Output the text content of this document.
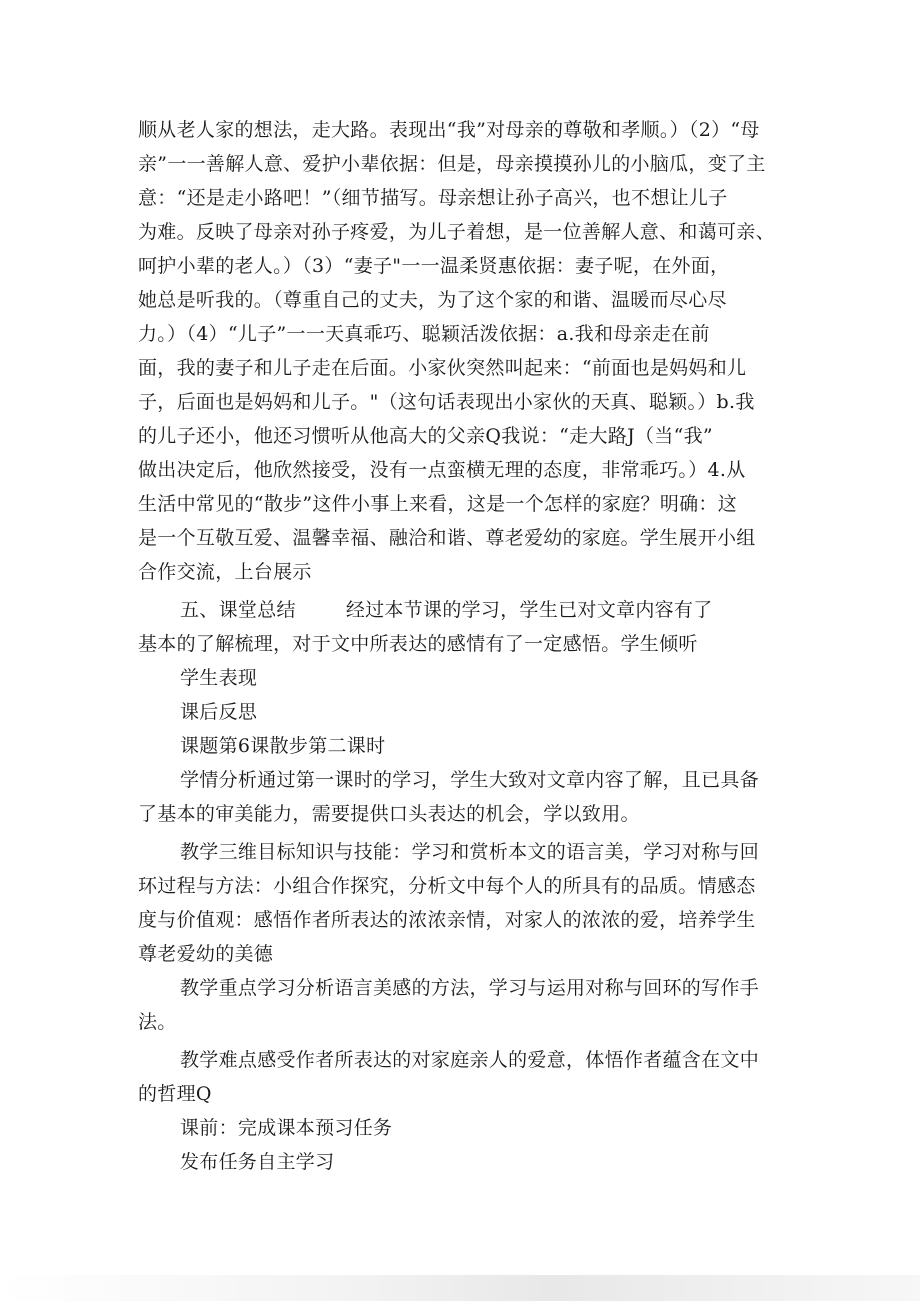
顺从老人家的想法，走大路。表现出“我”对母亲的尊敬和孝顺。）（2）“母
亲”一一善解人意、爱护小辈依据：但是，母亲摸摸孙儿的小脑瓜，变了主
意：“还是走小路吧！”（细节描写。母亲想让孙子高兴，也不想让儿子
为难。反映了母亲对孙子疼爱，为儿子着想，是一位善解人意、和蔼可亲、
呵护小辈的老人。）（3）“妻子"一一温柔贤惠依据：妻子呢，在外面，
她总是听我的。（尊重自己的丈夫，为了这个家的和谐、温暖而尽心尽
力。）（4）“儿子”一一天真乖巧、聪颖活泼依据：a.我和母亲走在前
面，我的妻子和儿子走在后面。小家伙突然叫起来：“前面也是妈妈和儿
子，后面也是妈妈和儿子。"（这句话表现出小家伙的天真、聪颖。）b.我
的儿子还小，他还习惯听从他高大的父亲Q我说：“走大路J（当“我”
做出决定后，他欣然接受，没有一点蛮横无理的态度，非常乖巧。）4.从
生活中常见的“散步”这件小事上来看，这是一个怎样的家庭？明确：这
是一个互敬互爱、温馨幸福、融洽和谐、尊老爱幼的家庭。学生展开小组
合作交流，上台展示
五、课堂总结	经过本节课的学习，学生已对文章内容有了
基本的了解梳理，对于文中所表达的感情有了一定感悟。学生倾听
学生表现
课后反思
课题第6课散步第二课时
学情分析通过第一课时的学习，学生大致对文章内容了解，且已具备
了基本的审美能力，需要提供口头表达的机会，学以致用。
教学三维目标知识与技能：学习和赏析本文的语言美，学习对称与回
环过程与方法：小组合作探究，分析文中每个人的所具有的品质。情感态
度与价值观：感悟作者所表达的浓浓亲情，对家人的浓浓的爱，培养学生
尊老爱幼的美德
教学重点学习分析语言美感的方法，学习与运用对称与回环的写作手
法。
教学难点感受作者所表达的对家庭亲人的爱意，体悟作者蕴含在文中
的哲理Q
课前：完成课本预习任务
发布任务自主学习
